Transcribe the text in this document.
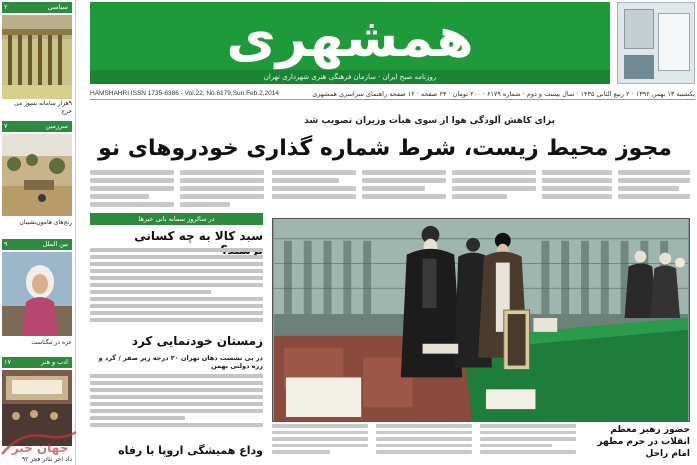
۲	سیاسی
۹هزار سامانه بسوز می خرج
۷	سرزمین
رنج‌های هامون‌نشینان
۹	بین الملل
عزه در تنگناست
۱۷	ادب و هنر
داد اخر تئاتر فجر ۹۲
همشهری
روزنامه صبح ایران · سازمان فرهنگی هنری شهرداری تهران
HAMSHAHRI ISSN 1735-6386 - Vol.22, No.6179,Sun.Feb.2,2014	یکشنبه ۱۳ بهمن ۱۳۹۲ · ۲ ربیع الثانی ۱۴۳۵ · سال بیست و دوم · شماره ۶۱۷۹ · ۲۰۰ تومان · ۲۴ صفحه · ۱۲ صفحه راهنمای سراسری همشهری
برای کاهش آلودگی هوا از سوی هیأت وزیران تصویب شد
مجوز محیط زیست، شرط شماره گذاری خودروهای نو
در سالروز سمانه بانی خبرها
سبد کالا به چه کسانی
زمستان خودنمایی کرد
در پی نشست دهان تهران ۲۰ درجه زیر صفر / گرد و زره دولتی بهمن
وداع همیشگی اروپا با رفاه
حضور رهبر معظم انقلاب در حرم مطهر امام راحل
جهان خبر
